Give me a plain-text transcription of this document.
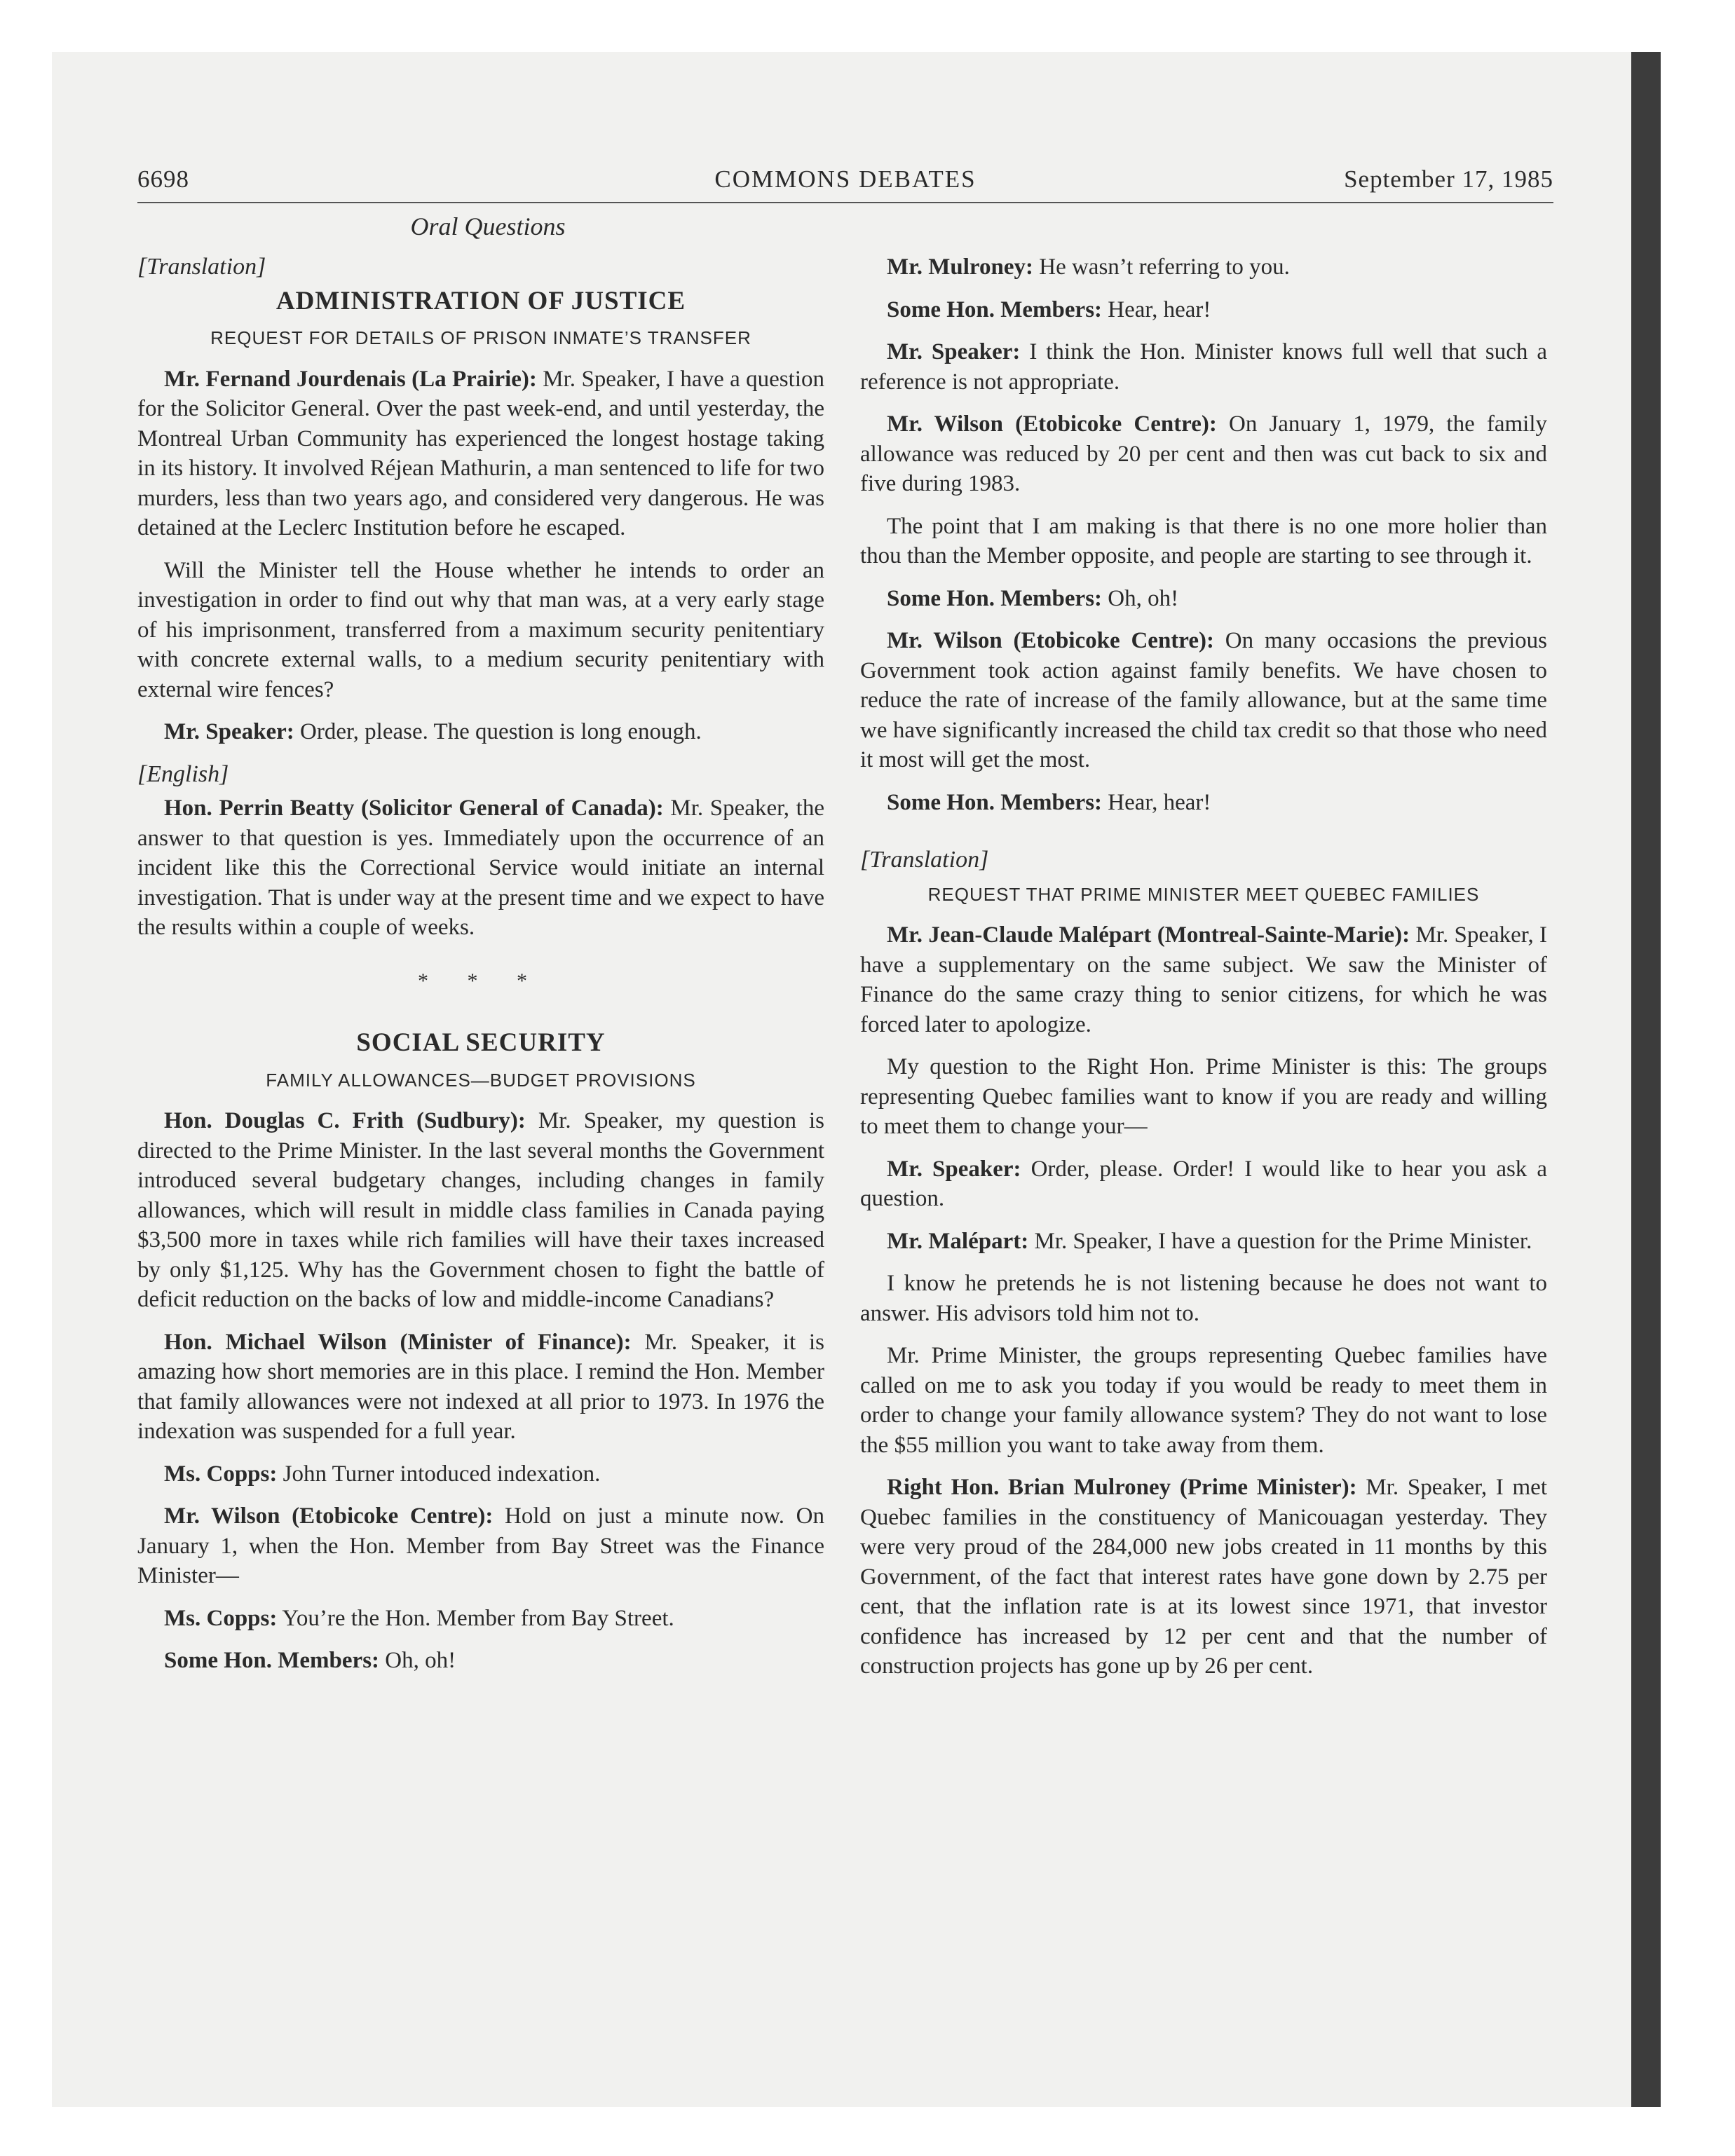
6698	COMMONS DEBATES	September 17, 1985
Oral Questions
[Translation]
ADMINISTRATION OF JUSTICE
REQUEST FOR DETAILS OF PRISON INMATE’S TRANSFER

Mr. Fernand Jourdenais (La Prairie): Mr. Speaker, I have a question for the Solicitor General. Over the past week-end, and until yesterday, the Montreal Urban Community has experienced the longest hostage taking in its history. It involved Réjean Mathurin, a man sentenced to life for two murders, less than two years ago, and considered very dangerous. He was detained at the Leclerc Institution before he escaped.

Will the Minister tell the House whether he intends to order an investigation in order to find out why that man was, at a very early stage of his imprisonment, transferred from a maximum security penitentiary with concrete external walls, to a medium security penitentiary with external wire fences?

Mr. Speaker: Order, please. The question is long enough.

[English]

Hon. Perrin Beatty (Solicitor General of Canada): Mr. Speaker, the answer to that question is yes. Immediately upon the occurrence of an incident like this the Correctional Service would initiate an internal investigation. That is under way at the present time and we expect to have the results within a couple of weeks.

* * *
SOCIAL SECURITY
FAMILY ALLOWANCES—BUDGET PROVISIONS

Hon. Douglas C. Frith (Sudbury): Mr. Speaker, my question is directed to the Prime Minister. In the last several months the Government introduced several budgetary changes, including changes in family allowances, which will result in middle class families in Canada paying $3,500 more in taxes while rich families will have their taxes increased by only $1,125. Why has the Government chosen to fight the battle of deficit reduction on the backs of low and middle-income Canadians?

Hon. Michael Wilson (Minister of Finance): Mr. Speaker, it is amazing how short memories are in this place. I remind the Hon. Member that family allowances were not indexed at all prior to 1973. In 1976 the indexation was suspended for a full year.

Ms. Copps: John Turner intoduced indexation.

Mr. Wilson (Etobicoke Centre): Hold on just a minute now. On January 1, when the Hon. Member from Bay Street was the Finance Minister—

Ms. Copps: You’re the Hon. Member from Bay Street.

Some Hon. Members: Oh, oh!

Mr. Mulroney: He wasn’t referring to you.

Some Hon. Members: Hear, hear!

Mr. Speaker: I think the Hon. Minister knows full well that such a reference is not appropriate.

Mr. Wilson (Etobicoke Centre): On January 1, 1979, the family allowance was reduced by 20 per cent and then was cut back to six and five during 1983.

The point that I am making is that there is no one more holier than thou than the Member opposite, and people are starting to see through it.

Some Hon. Members: Oh, oh!

Mr. Wilson (Etobicoke Centre): On many occasions the previous Government took action against family benefits. We have chosen to reduce the rate of increase of the family allowance, but at the same time we have significantly increased the child tax credit so that those who need it most will get the most.

Some Hon. Members: Hear, hear!

[Translation]
REQUEST THAT PRIME MINISTER MEET QUEBEC FAMILIES

Mr. Jean-Claude Malépart (Montreal-Sainte-Marie): Mr. Speaker, I have a supplementary on the same subject. We saw the Minister of Finance do the same crazy thing to senior citizens, for which he was forced later to apologize.

My question to the Right Hon. Prime Minister is this: The groups representing Quebec families want to know if you are ready and willing to meet them to change your—

Mr. Speaker: Order, please. Order! I would like to hear you ask a question.

Mr. Malépart: Mr. Speaker, I have a question for the Prime Minister.

I know he pretends he is not listening because he does not want to answer. His advisors told him not to.

Mr. Prime Minister, the groups representing Quebec families have called on me to ask you today if you would be ready to meet them in order to change your family allowance system? They do not want to lose the $55 million you want to take away from them.

Right Hon. Brian Mulroney (Prime Minister): Mr. Speaker, I met Quebec families in the constituency of Manicouagan yesterday. They were very proud of the 284,000 new jobs created in 11 months by this Government, of the fact that interest rates have gone down by 2.75 per cent, that the inflation rate is at its lowest since 1971, that investor confidence has increased by 12 per cent and that the number of construction projects has gone up by 26 per cent.
